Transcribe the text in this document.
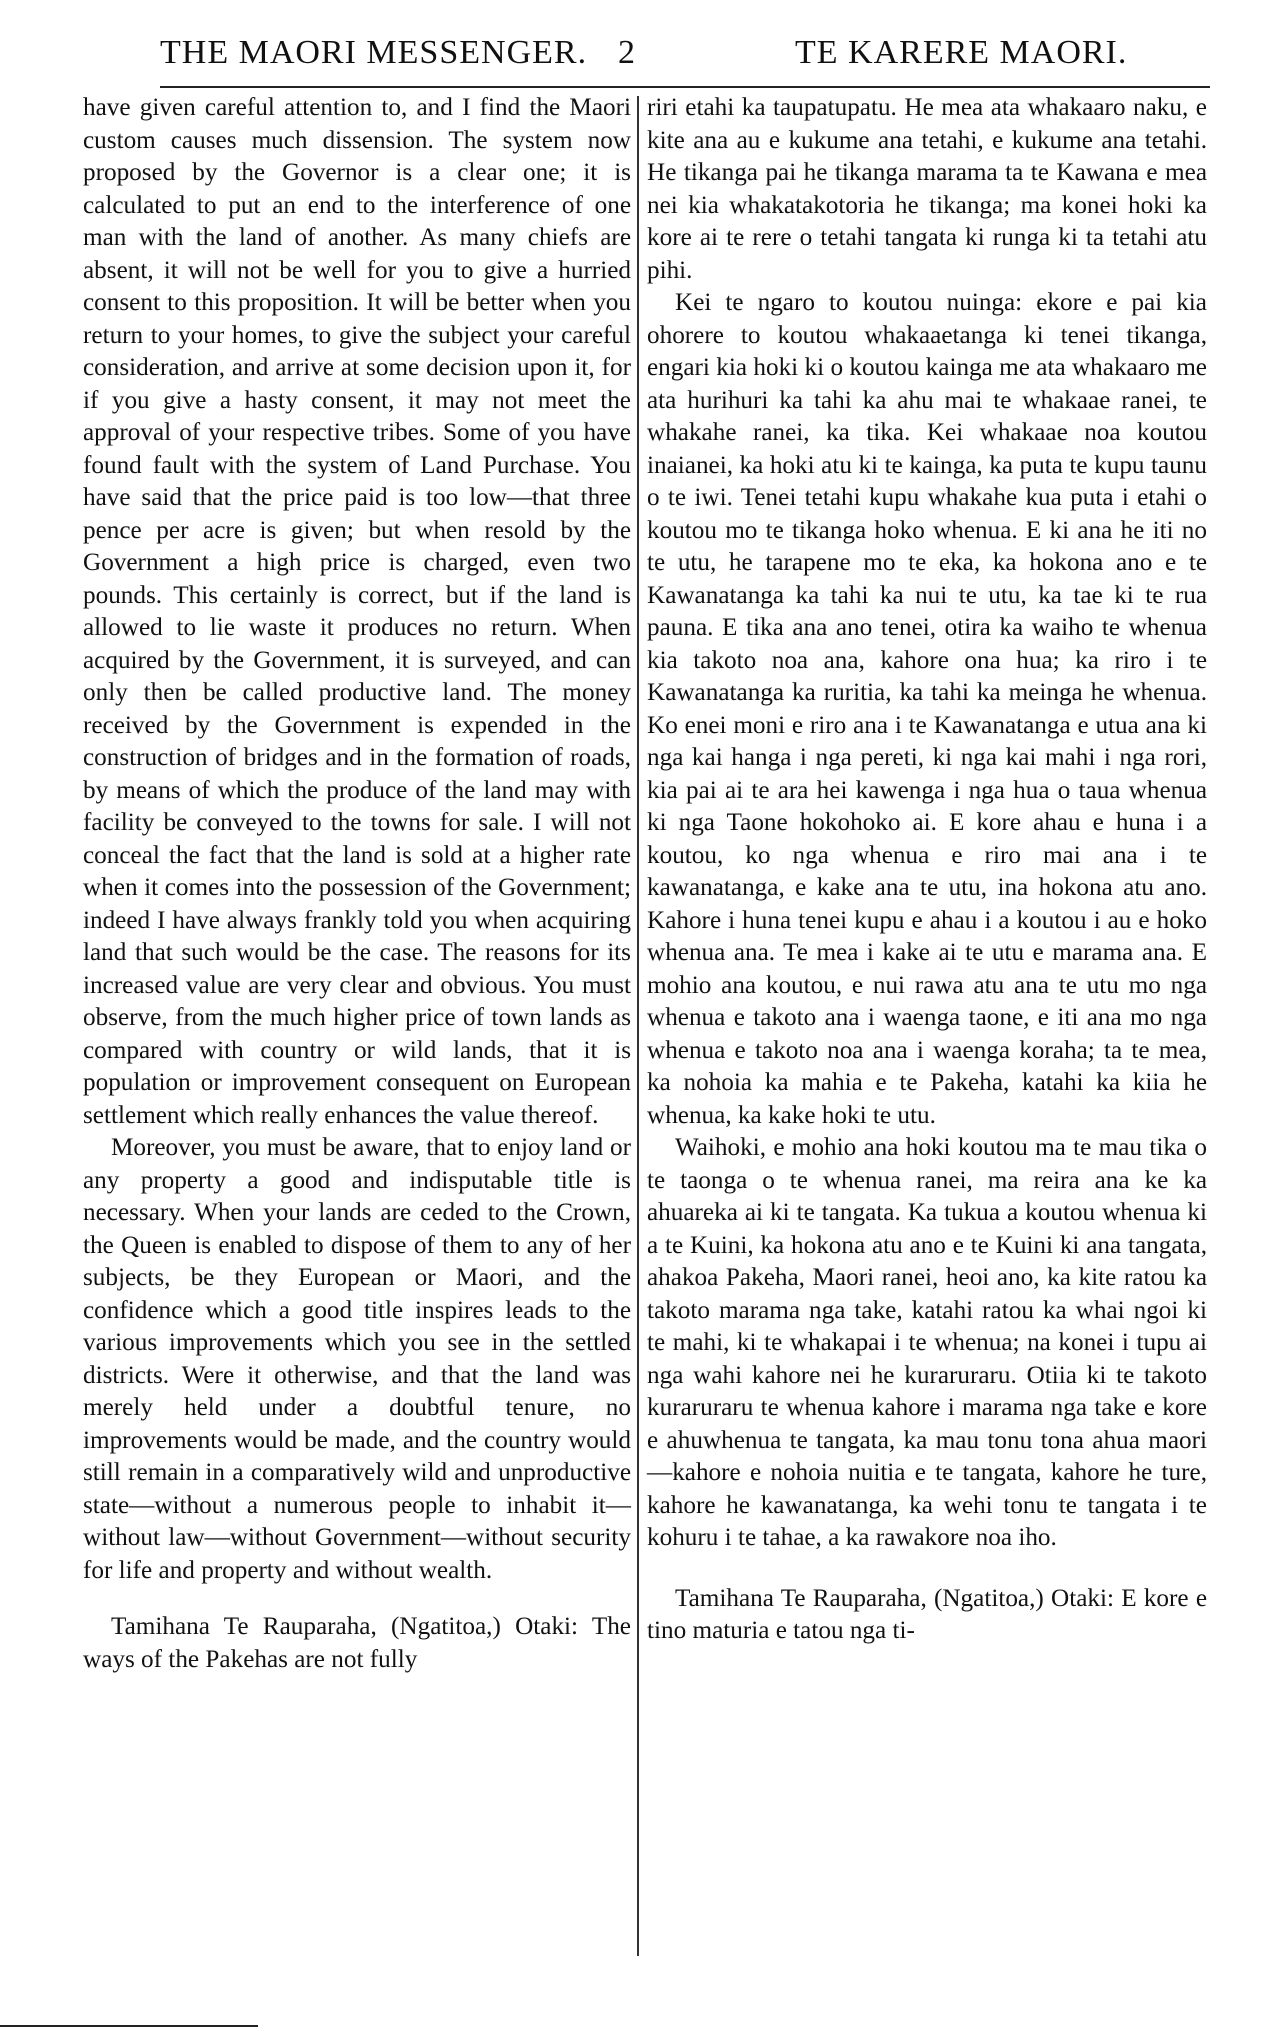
THE MAORI MESSENGER. 2	TE KARERE MAORI.

have given careful attention to, and I find the Maori custom causes much dissension. The system now proposed by the Governor is a clear one; it is calculated to put an end to the interference of one man with the land of another. As many chiefs are absent, it will not be well for you to give a hurried consent to this proposition. It will be better when you return to your homes, to give the subject your careful consideration, and arrive at some decision upon it, for if you give a hasty consent, it may not meet the approval of your respective tribes. Some of you have found fault with the system of Land Purchase. You have said that the price paid is too low—that three pence per acre is given; but when resold by the Government a high price is charged, even two pounds. This certainly is correct, but if the land is allowed to lie waste it produces no return. When acquired by the Government, it is surveyed, and can only then be called productive land. The money received by the Government is expended in the construction of bridges and in the formation of roads, by means of which the produce of the land may with facility be conveyed to the towns for sale. I will not conceal the fact that the land is sold at a higher rate when it comes into the possession of the Government; indeed I have always frankly told you when acquiring land that such would be the case. The reasons for its increased value are very clear and obvious. You must observe, from the much higher price of town lands as compared with country or wild lands, that it is population or improvement consequent on European settlement which really enhances the value thereof.

Moreover, you must be aware, that to enjoy land or any property a good and indisputable title is necessary. When your lands are ceded to the Crown, the Queen is enabled to dispose of them to any of her subjects, be they European or Maori, and the confidence which a good title inspires leads to the various improvements which you see in the settled districts. Were it otherwise, and that the land was merely held under a doubtful tenure, no improvements would be made, and the country would still remain in a comparatively wild and unproductive state—without a numerous people to inhabit it—without law—without Government—without security for life and property and without wealth.

Tamihana Te Rauparaha, (Ngatitoa,) Otaki: The ways of the Pakehas are not fully

riri etahi ka taupatupatu. He mea ata whakaaro naku, e kite ana au e kukume ana tetahi, e kukume ana tetahi. He tikanga pai he tikanga marama ta te Kawana e mea nei kia whakatakotoria he tikanga; ma konei hoki ka kore ai te rere o tetahi tangata ki runga ki ta tetahi atu pihi.

Kei te ngaro to koutou nuinga: ekore e pai kia ohorere to koutou whakaaetanga ki tenei tikanga, engari kia hoki ki o koutou kainga me ata whakaaro me ata hurihuri ka tahi ka ahu mai te whakaae ranei, te whakahe ranei, ka tika. Kei whakaae noa koutou inaianei, ka hoki atu ki te kainga, ka puta te kupu taunu o te iwi. Tenei tetahi kupu whakahe kua puta i etahi o koutou mo te tikanga hoko whenua. E ki ana he iti no te utu, he tarapene mo te eka, ka hokona ano e te Kawanatanga ka tahi ka nui te utu, ka tae ki te rua pauna. E tika ana ano tenei, otira ka waiho te whenua kia takoto noa ana, kahore ona hua; ka riro i te Kawanatanga ka ruritia, ka tahi ka meinga he whenua. Ko enei moni e riro ana i te Kawanatanga e utua ana ki nga kai hanga i nga pereti, ki nga kai mahi i nga rori, kia pai ai te ara hei kawenga i nga hua o taua whenua ki nga Taone hokohoko ai. E kore ahau e huna i a koutou, ko nga whenua e riro mai ana i te kawanatanga, e kake ana te utu, ina hokona atu ano. Kahore i huna tenei kupu e ahau i a koutou i au e hoko whenua ana. Te mea i kake ai te utu e marama ana. E mohio ana koutou, e nui rawa atu ana te utu mo nga whenua e takoto ana i waenga taone, e iti ana mo nga whenua e takoto noa ana i waenga koraha; ta te mea, ka nohoia ka mahia e te Pakeha, katahi ka kiia he whenua, ka kake hoki te utu.

Waihoki, e mohio ana hoki koutou ma te mau tika o te taonga o te whenua ranei, ma reira ana ke ka ahuareka ai ki te tangata. Ka tukua a koutou whenua ki a te Kuini, ka hokona atu ano e te Kuini ki ana tangata, ahakoa Pakeha, Maori ranei, heoi ano, ka kite ratou ka takoto marama nga take, katahi ratou ka whai ngoi ki te mahi, ki te whakapai i te whenua; na konei i tupu ai nga wahi kahore nei he kuraruraru. Otiia ki te takoto kuraruraru te whenua kahore i marama nga take e kore e ahuwhenua te tangata, ka mau tonu tona ahua maori—kahore e nohoia nuitia e te tangata, kahore he ture, kahore he kawanatanga, ka wehi tonu te tangata i te kohuru i te tahae, a ka rawakore noa iho.

Tamihana Te Rauparaha, (Ngatitoa,) Otaki: E kore e tino maturia e tatou nga ti-
